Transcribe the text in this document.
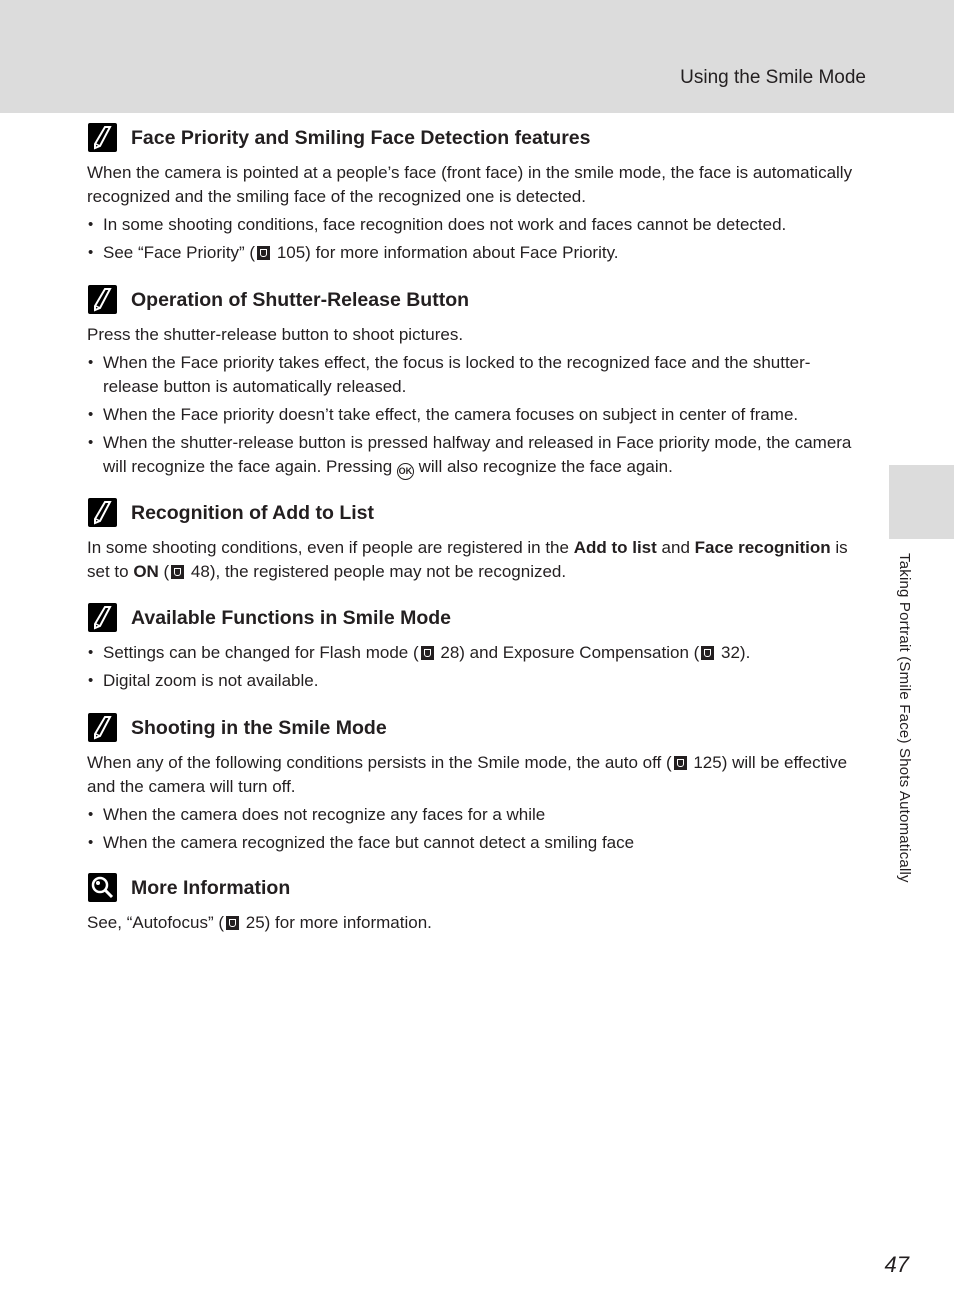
Using the Smile Mode
Taking Portrait (Smile Face) Shots Automatically
Face Priority and Smiling Face Detection features

When the camera is pointed at a people’s face (front face) in the smile mode, the face is automatically recognized and the smiling face of the recognized one is detected.

• In some shooting conditions, face recognition does not work and faces cannot be detected.
• See “Face Priority” ( 105) for more information about Face Priority.
Operation of Shutter-Release Button

Press the shutter-release button to shoot pictures.

• When the Face priority takes effect, the focus is locked to the recognized face and the shutter-release button is automatically released.
• When the Face priority doesn’t take effect, the camera focuses on subject in center of frame.
• When the shutter-release button is pressed halfway and released in Face priority mode, the camera will recognize the face again. Pressing OK will also recognize the face again.
Recognition of Add to List

In some shooting conditions, even if people are registered in the Add to list and Face recognition is set to ON ( 48), the registered people may not be recognized.

Available Functions in Smile Mode
• Settings can be changed for Flash mode ( 28) and Exposure Compensation ( 32).
• Digital zoom is not available.
Shooting in the Smile Mode

When any of the following conditions persists in the Smile mode, the auto off ( 125) will be effective and the camera will turn off.

• When the camera does not recognize any faces for a while
• When the camera recognized the face but cannot detect a smiling face
More Information

See, “Autofocus” ( 25) for more information.

47
